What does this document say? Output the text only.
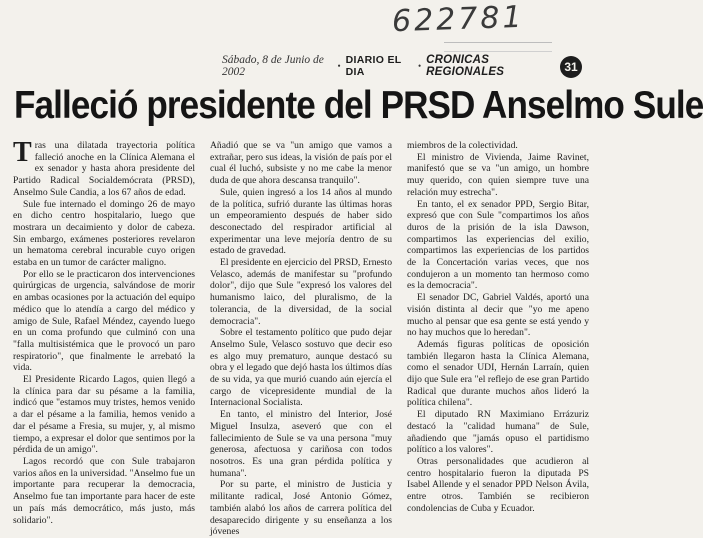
622781
Sábado, 8 de Junio de 2002	• DIARIO EL DIA	• CRONICAS REGIONALES	31
Falleció presidente del PRSD Anselmo Sule

Tras una dilatada trayectoria política falleció anoche en la Clínica Alemana el ex senador y hasta ahora presidente del Partido Radical Socialdemócrata (PRSD), Anselmo Sule Candia, a los 67 años de edad.

Sule fue internado el domingo 26 de mayo en dicho centro hospitalario, luego que mostrara un decaimiento y dolor de cabeza. Sin embargo, exámenes posteriores revelaron un hematoma cerebral incurable cuyo origen estaba en un tumor de carácter maligno.

Por ello se le practicaron dos intervenciones quirúrgicas de urgencia, salvándose de morir en ambas ocasiones por la actuación del equipo médico que lo atendía a cargo del médico y amigo de Sule, Rafael Méndez, cayendo luego en un coma profundo que culminó con una "falla multisistémica que le provocó un paro respiratorio", que finalmente le arrebató la vida.

El Presidente Ricardo Lagos, quien llegó a la clínica para dar su pésame a la familia, indicó que "estamos muy tristes, hemos venido a dar el pésame a la familia, hemos venido a dar el pésame a Fresia, su mujer, y, al mismo tiempo, a expresar el dolor que sentimos por la pérdida de un amigo".

Lagos recordó que con Sule trabajaron varios años en la universidad. "Anselmo fue un importante para recuperar la democracia, Anselmo fue tan importante para hacer de este un país más democrático, más justo, más solidario".

Añadió que se va "un amigo que vamos a extrañar, pero sus ideas, la visión de país por el cual él luchó, subsiste y no me cabe la menor duda de que ahora descansa tranquilo".

Sule, quien ingresó a los 14 años al mundo de la política, sufrió durante las últimas horas un empeoramiento después de haber sido desconectado del respirador artificial al experimentar una leve mejoría dentro de su estado de gravedad.

El presidente en ejercicio del PRSD, Ernesto Velasco, además de manifestar su "profundo dolor", dijo que Sule "expresó los valores del humanismo laico, del pluralismo, de la tolerancia, de la diversidad, de la social democracia".

Sobre el testamento político que pudo dejar Anselmo Sule, Velasco sostuvo que decir eso es algo muy prematuro, aunque destacó su obra y el legado que dejó hasta los últimos días de su vida, ya que murió cuando aún ejercía el cargo de vicepresidente mundial de la Internacional Socialista.

En tanto, el ministro del Interior, José Miguel Insulza, aseveró que con el fallecimiento de Sule se va una persona "muy generosa, afectuosa y cariñosa con todos nosotros. Es una gran pérdida política y humana".

Por su parte, el ministro de Justicia y militante radical, José Antonio Gómez, también alabó los años de carrera política del desaparecido dirigente y su enseñanza a los jóvenes

miembros de la colectividad.

El ministro de Vivienda, Jaime Ravinet, manifestó que se va "un amigo, un hombre muy querido, con quien siempre tuve una relación muy estrecha".

En tanto, el ex senador PPD, Sergio Bitar, expresó que con Sule "compartimos los años duros de la prisión de la isla Dawson, compartimos las experiencias del exilio, compartimos las experiencias de los partidos de la Concertación varias veces, que nos condujeron a un momento tan hermoso como es la democracia".

El senador DC, Gabriel Valdés, aportó una visión distinta al decir que "yo me apeno mucho al pensar que esa gente se está yendo y no hay muchos que lo heredan".

Además figuras políticas de oposición también llegaron hasta la Clínica Alemana, como el senador UDI, Hernán Larraín, quien dijo que Sule era "el reflejo de ese gran Partido Radical que durante muchos años lideró la política chilena".

El diputado RN Maximiano Errázuriz destacó la "calidad humana" de Sule, añadiendo que "jamás opuso el partidismo político a los valores".

Otras personalidades que acudieron al centro hospitalario fueron la diputada PS Isabel Allende y el senador PPD Nelson Ávila, entre otros. También se recibieron condolencias de Cuba y Ecuador.
